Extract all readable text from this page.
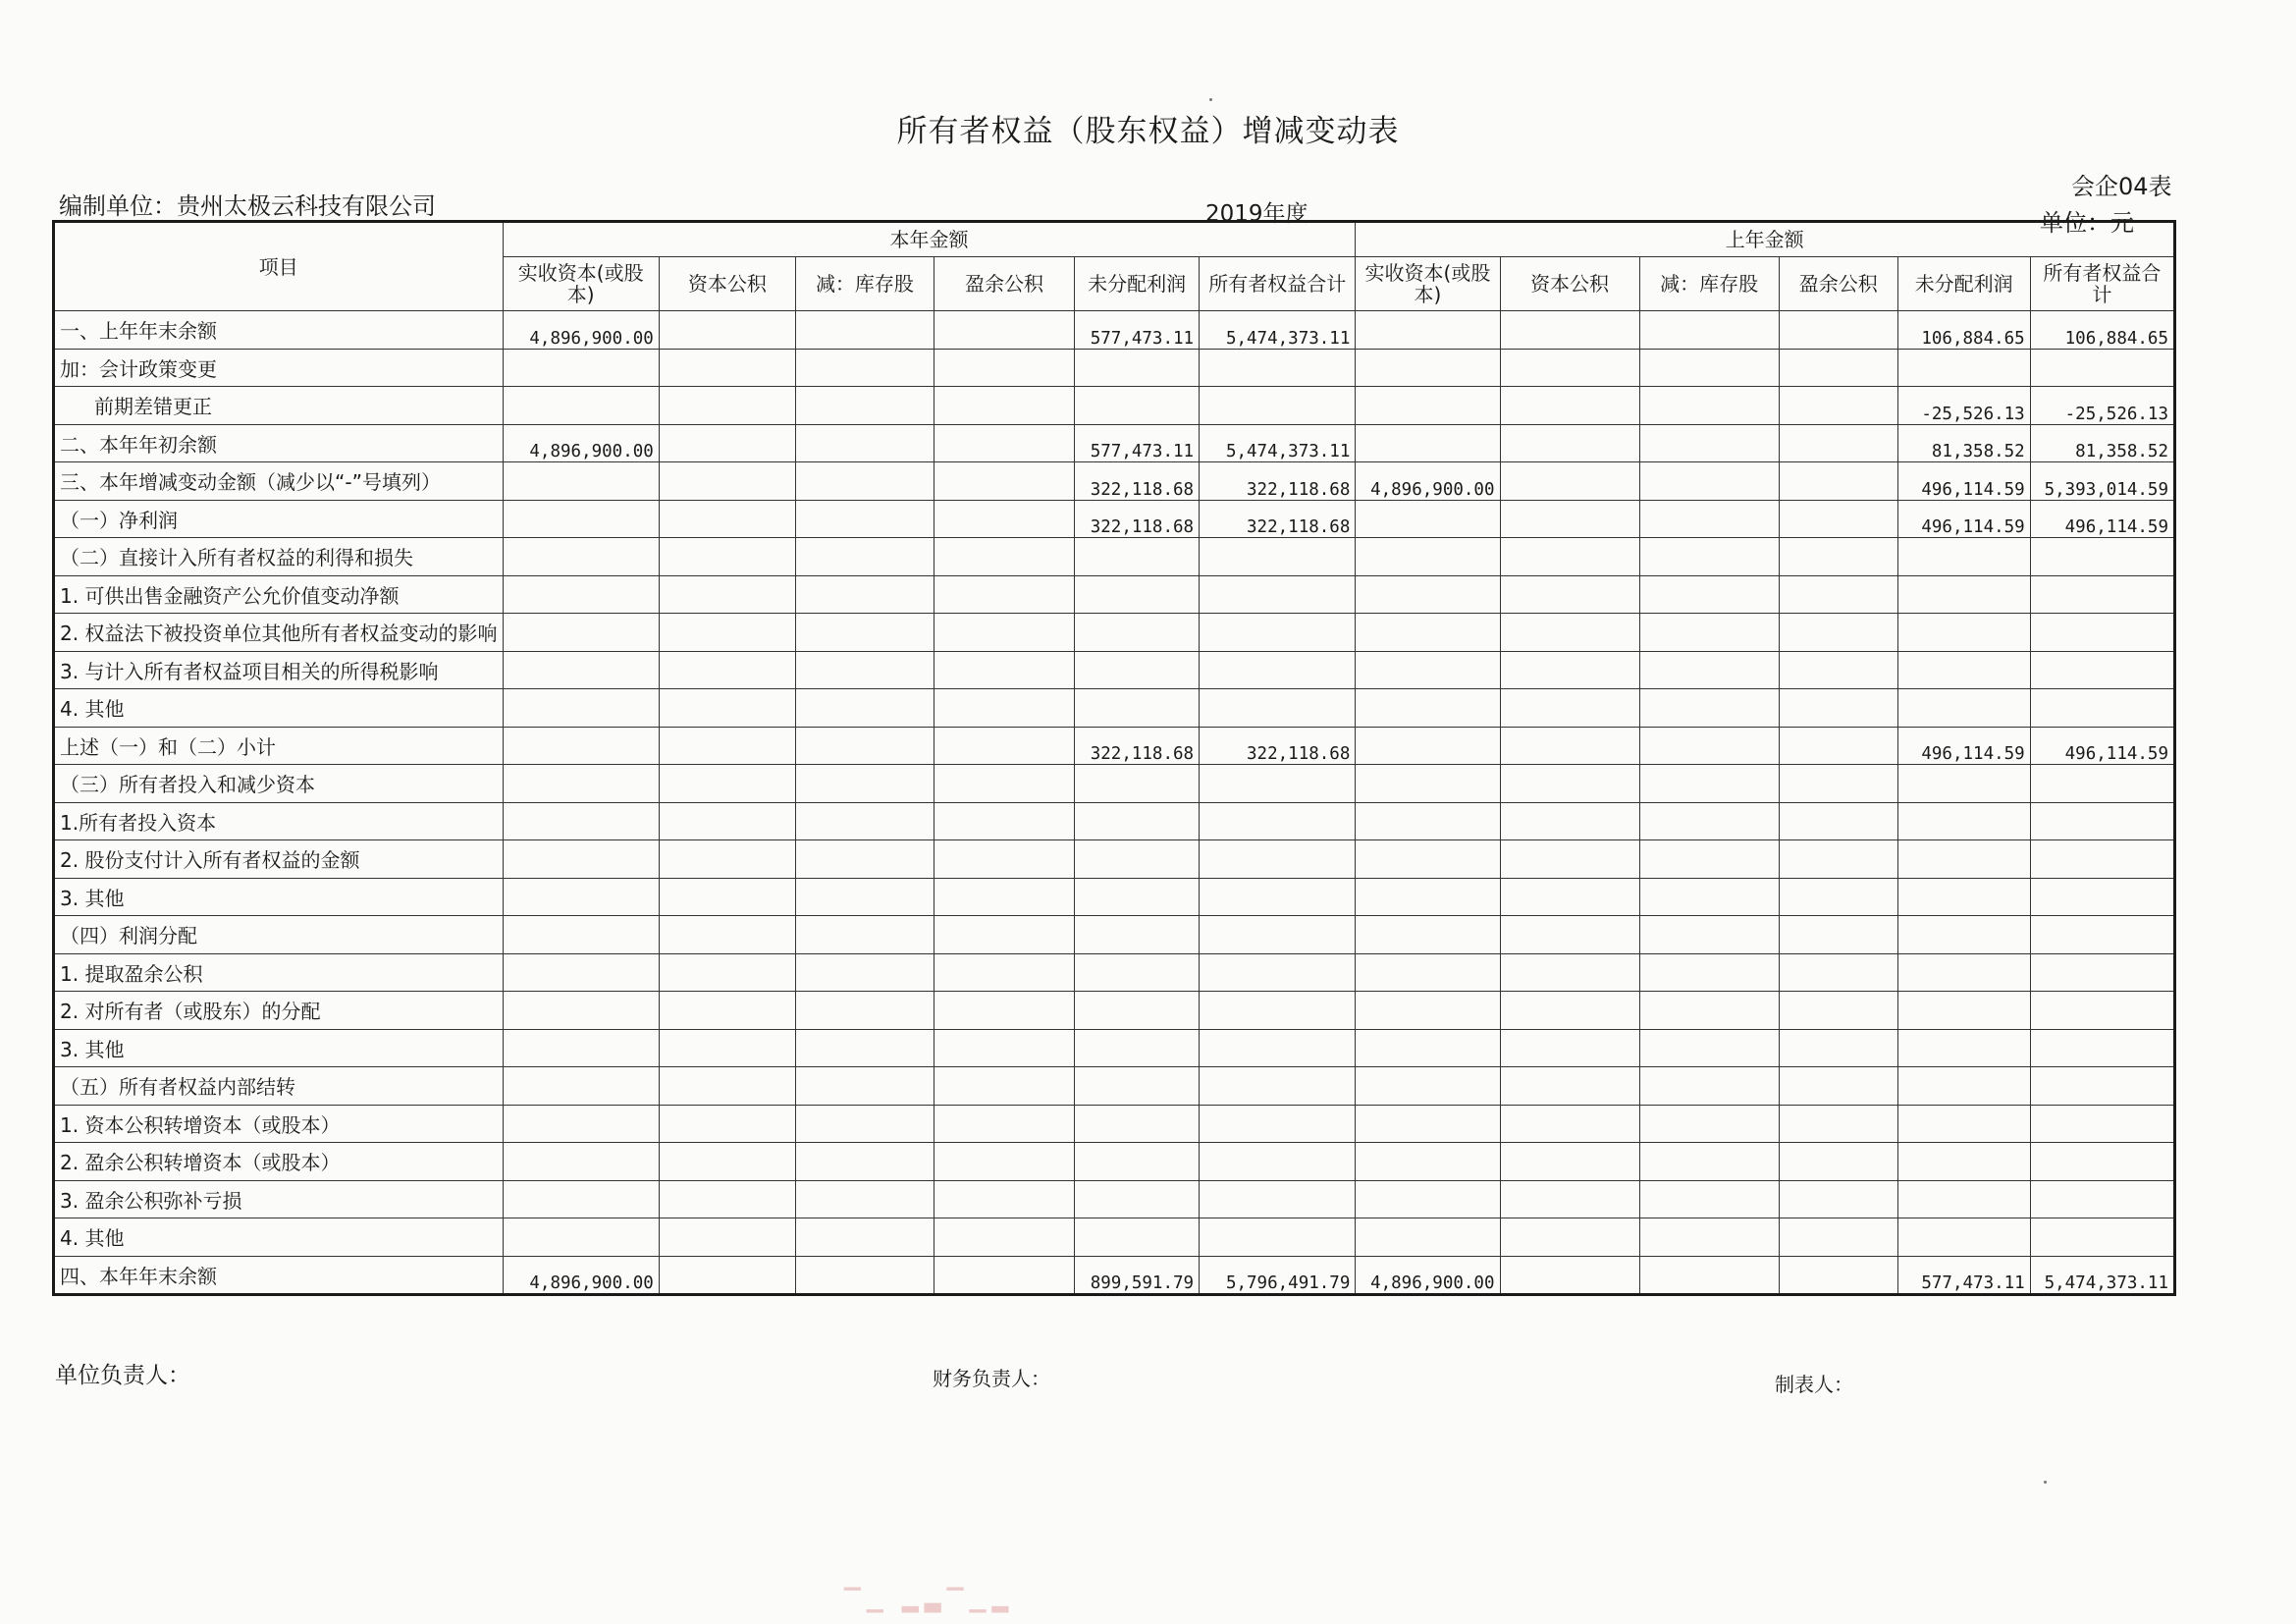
所有者权益（股东权益）增减变动表
会企04表
编制单位：贵州太极云科技有限公司	2019年度	单位：元
项目	本年金额						上年金额					
	实收资本(或股本)	资本公积	减：库存股	盈余公积	未分配利润	所有者权益合计	实收资本(或股本)	资本公积	减：库存股	盈余公积	未分配利润	所有者权益合计
一、上年年末余额	4,896,900.00				577,473.11	5,474,373.11					106,884.65	106,884.65
加：会计政策变更												
前期差错更正											-25,526.13	-25,526.13
二、本年年初余额	4,896,900.00				577,473.11	5,474,373.11					81,358.52	81,358.52
三、本年增减变动金额（减少以“-”号填列）					322,118.68	322,118.68	4,896,900.00				496,114.59	5,393,014.59
（一）净利润					322,118.68	322,118.68					496,114.59	496,114.59
（二）直接计入所有者权益的利得和损失												
1. 可供出售金融资产公允价值变动净额												
2. 权益法下被投资单位其他所有者权益变动的影响												
3. 与计入所有者权益项目相关的所得税影响												
4. 其他												
上述（一）和（二）小计					322,118.68	322,118.68					496,114.59	496,114.59
（三）所有者投入和减少资本												
1.所有者投入资本												
2. 股份支付计入所有者权益的金额												
3. 其他												
（四）利润分配												
1. 提取盈余公积												
2. 对所有者（或股东）的分配												
3. 其他												
（五）所有者权益内部结转												
1. 资本公积转增资本（或股本）												
2. 盈余公积转增资本（或股本）												
3. 盈余公积弥补亏损												
4. 其他												
四、本年年末余额	4,896,900.00				899,591.79	5,796,491.79	4,896,900.00				577,473.11	5,474,373.11
单位负责人：	财务负责人：	制表人：
▔▁ ▂▃▔▁▂
